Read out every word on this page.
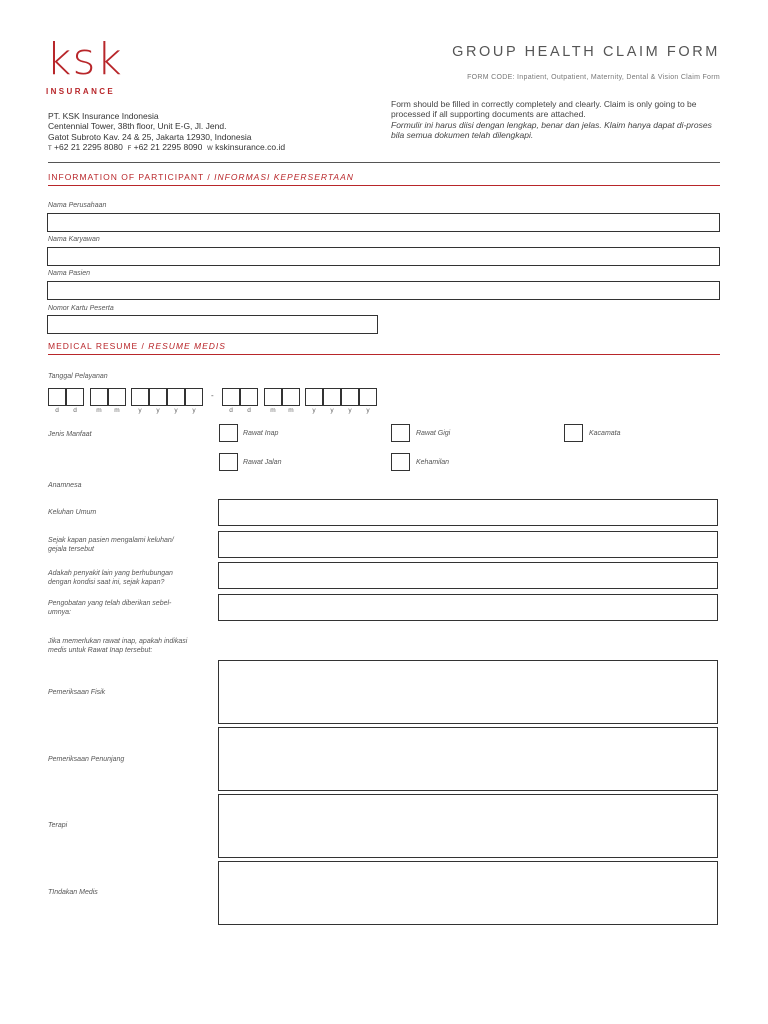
ksk
INSURANCE
PT. KSK Insurance Indonesia
Centennial Tower, 38th floor, Unit E-G, Jl. Jend.
Gatot Subroto Kav. 24 & 25, Jakarta 12930, Indonesia
T +62 21 2295 8080 F +62 21 2295 8090 W kskinsurance.co.id
GROUP HEALTH CLAIM FORM
FORM CODE: Inpatient, Outpatient, Maternity, Dental & Vision Claim Form
Form should be filled in correctly completely and clearly. Claim is only going to be processed if all supporting documents are attached.
Formulir ini harus diisi dengan lengkap, benar dan jelas. Klaim hanya dapat di-proses bila semua dokumen telah dilengkapi.
INFORMATION OF PARTICIPANT / INFORMASI KEPERSERTAAN
Nama Perusahaan
Nama Karyawan
Nama Pasien
Nomor Kartu Peserta
MEDICAL RESUME / RESUME MEDIS
Tanggal Pelayanan
-
d	d	m	m	y	y	y	y	d	d	m	m	y	y	y	y
Jenis Manfaat	Rawat Inap	Rawat Gigi	Kacamata
Rawat Jalan	Kehamilan
Anamnesa
Keluhan Umum
Sejak kapan pasien mengalami keluhan/
gejala tersebut
Adakah penyakit lain yang berhubungan
dengan kondisi saat ini, sejak kapan?
Pengobatan yang telah diberikan sebel-
umnya:
Jika memerlukan rawat inap, apakah indikasi
medis untuk Rawat Inap tersebut:
Pemeriksaan Fisik
Pemeriksaan Penunjang
Terapi
TIndakan Medis
